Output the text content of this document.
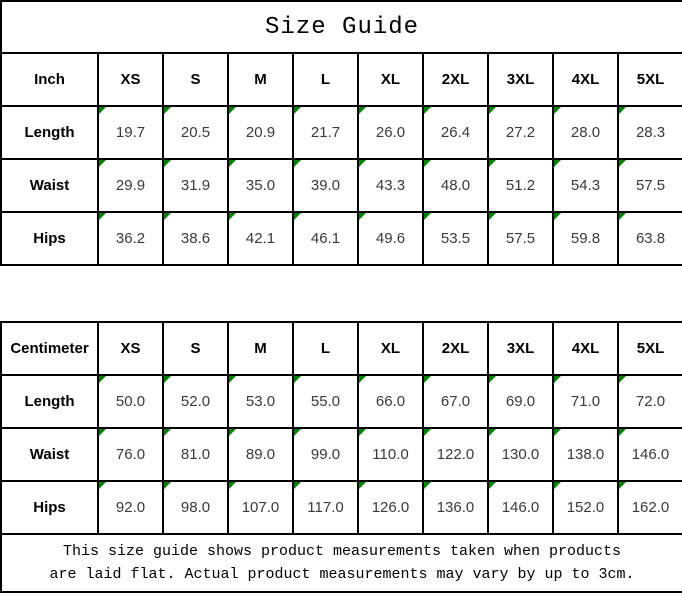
Size Guide									
Inch	XS	S	M	L	XL	2XL	3XL	4XL	5XL
Length	19.7	20.5	20.9	21.7	26.0	26.4	27.2	28.0	28.3
Waist	29.9	31.9	35.0	39.0	43.3	48.0	51.2	54.3	57.5
Hips	36.2	38.6	42.1	46.1	49.6	53.5	57.5	59.8	63.8
Centimeter	XS	S	M	L	XL	2XL	3XL	4XL	5XL
Length	50.0	52.0	53.0	55.0	66.0	67.0	69.0	71.0	72.0
Waist	76.0	81.0	89.0	99.0	110.0	122.0	130.0	138.0	146.0
Hips	92.0	98.0	107.0	117.0	126.0	136.0	146.0	152.0	162.0

This size guide shows product measurements taken when products
are laid flat. Actual product measurements may vary by up to 3cm.									
